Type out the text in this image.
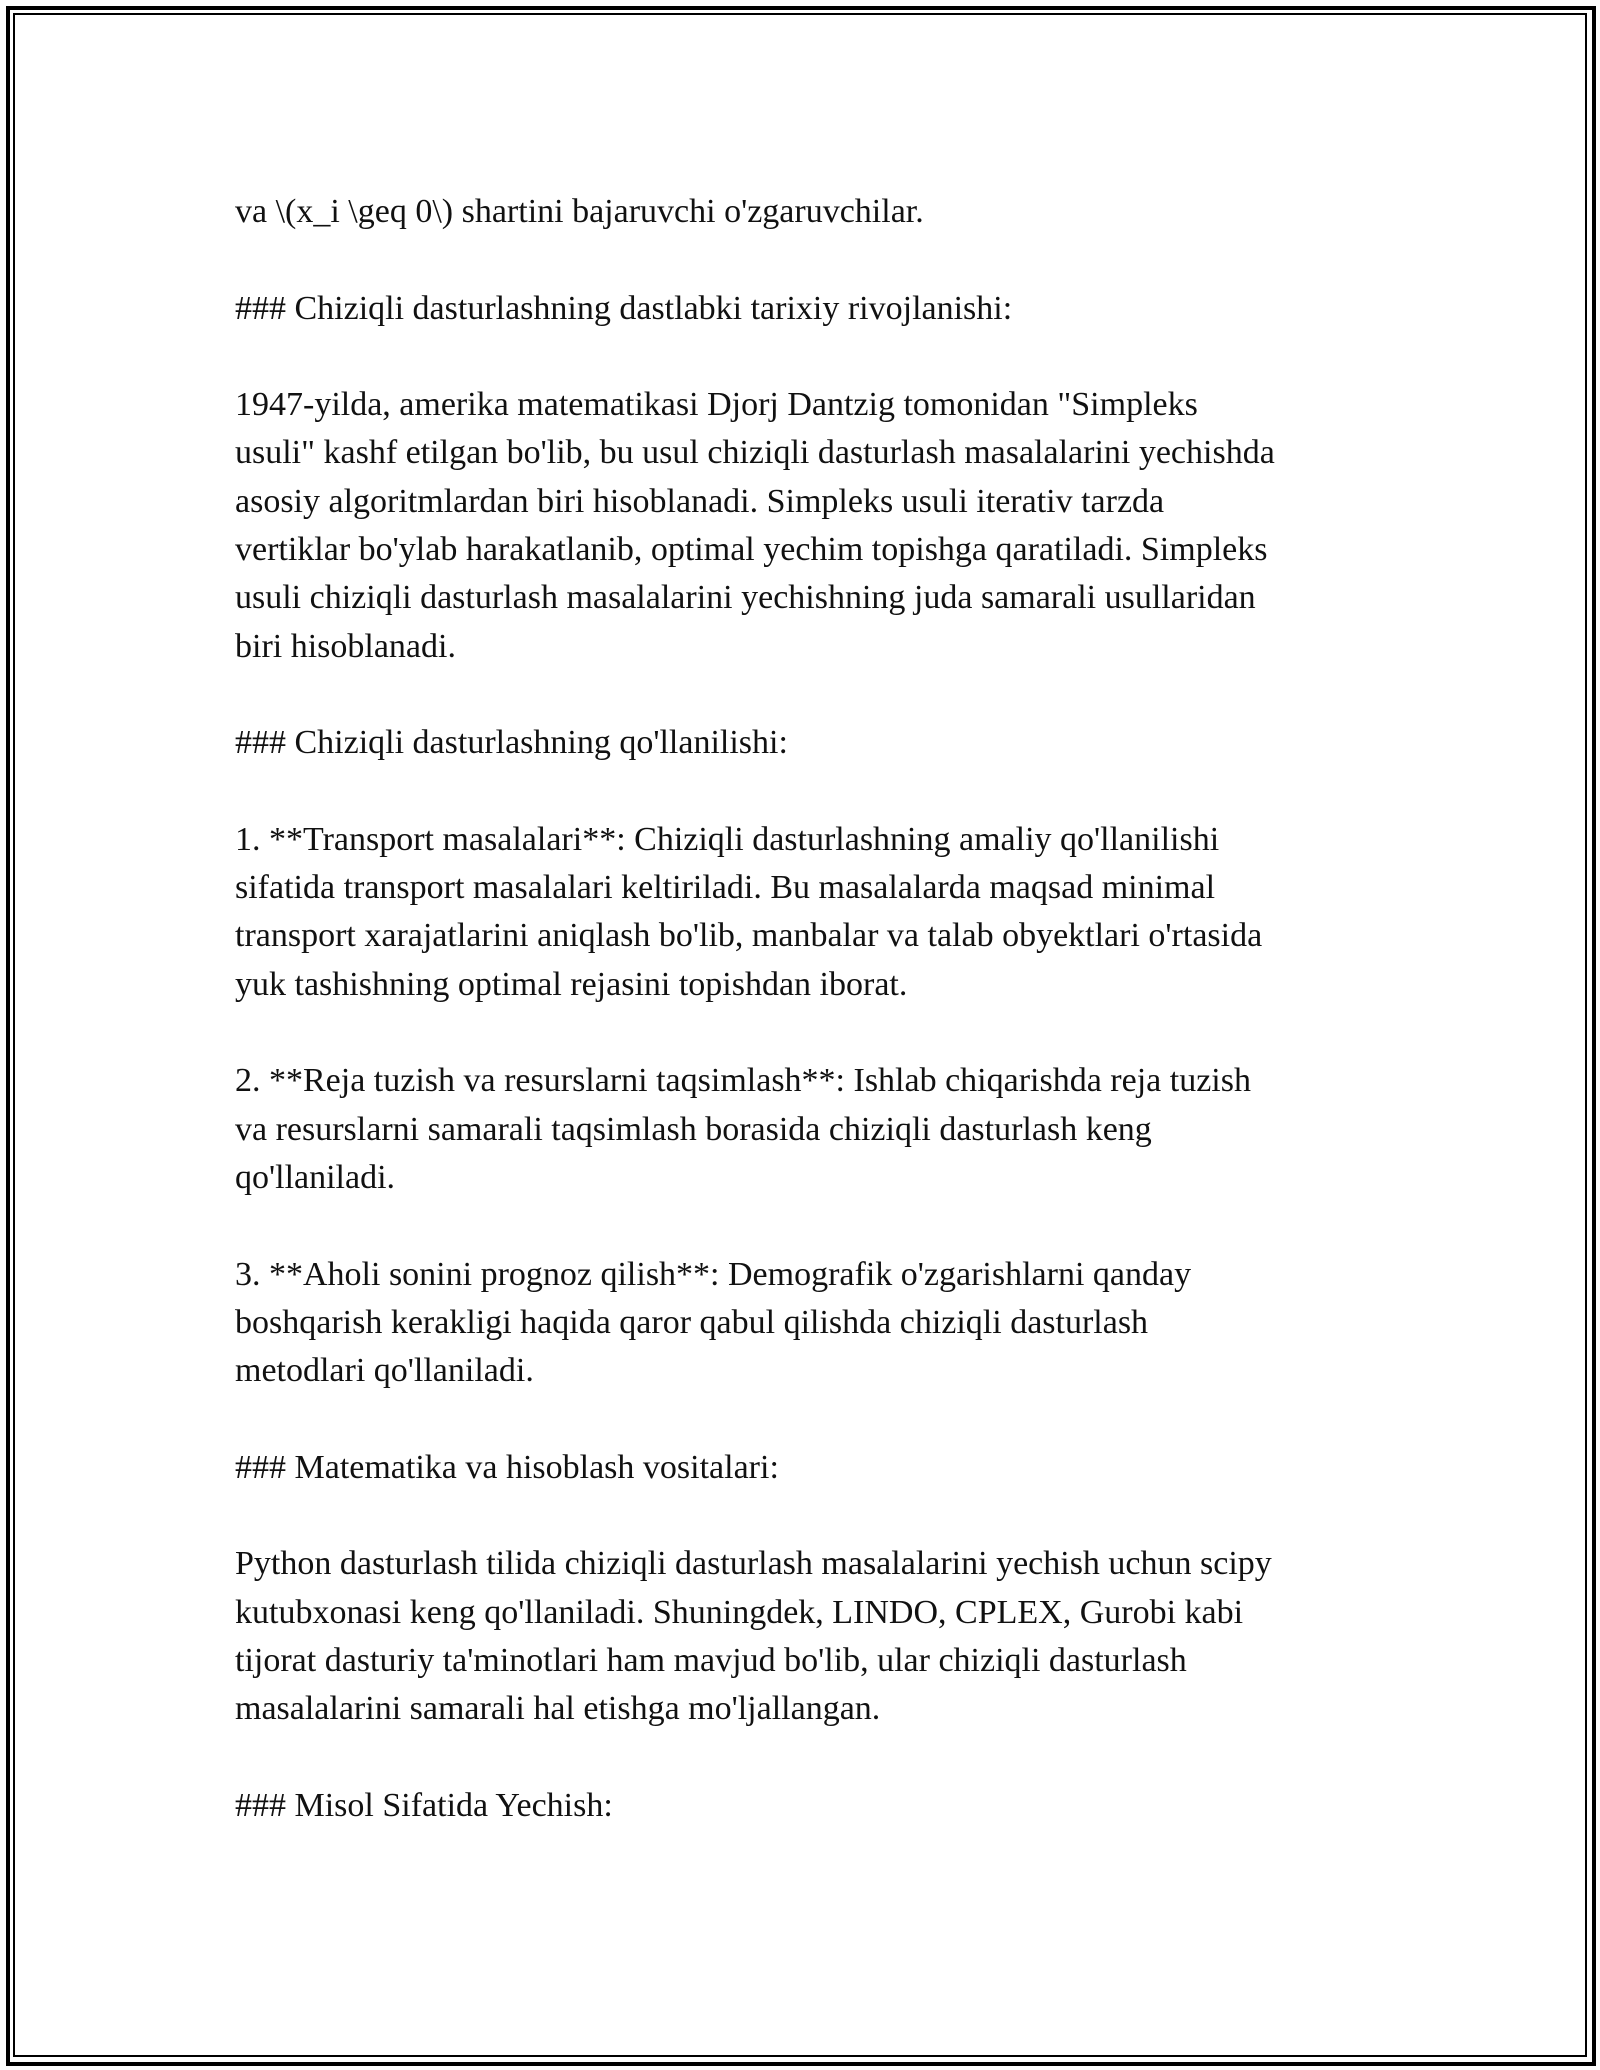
va \(x_i \geq 0\) shartini bajaruvchi o'zgaruvchilar.

### Chiziqli dasturlashning dastlabki tarixiy rivojlanishi:

1947-yilda, amerika matematikasi Djorj Dantzig tomonidan "Simpleks
usuli" kashf etilgan bo'lib, bu usul chiziqli dasturlash masalalarini yechishda
asosiy algoritmlardan biri hisoblanadi. Simpleks usuli iterativ tarzda
vertiklar bo'ylab harakatlanib, optimal yechim topishga qaratiladi. Simpleks
usuli chiziqli dasturlash masalalarini yechishning juda samarali usullaridan
biri hisoblanadi.

### Chiziqli dasturlashning qo'llanilishi:

1. **Transport masalalari**: Chiziqli dasturlashning amaliy qo'llanilishi
sifatida transport masalalari keltiriladi. Bu masalalarda maqsad minimal
transport xarajatlarini aniqlash bo'lib, manbalar va talab obyektlari o'rtasida
yuk tashishning optimal rejasini topishdan iborat.

2. **Reja tuzish va resurslarni taqsimlash**: Ishlab chiqarishda reja tuzish
va resurslarni samarali taqsimlash borasida chiziqli dasturlash keng
qo'llaniladi.

3. **Aholi sonini prognoz qilish**: Demografik o'zgarishlarni qanday
boshqarish kerakligi haqida qaror qabul qilishda chiziqli dasturlash
metodlari qo'llaniladi.

### Matematika va hisoblash vositalari:

Python dasturlash tilida chiziqli dasturlash masalalarini yechish uchun scipy
kutubxonasi keng qo'llaniladi. Shuningdek, LINDO, CPLEX, Gurobi kabi
tijorat dasturiy ta'minotlari ham mavjud bo'lib, ular chiziqli dasturlash
masalalarini samarali hal etishga mo'ljallangan.

### Misol Sifatida Yechish:
